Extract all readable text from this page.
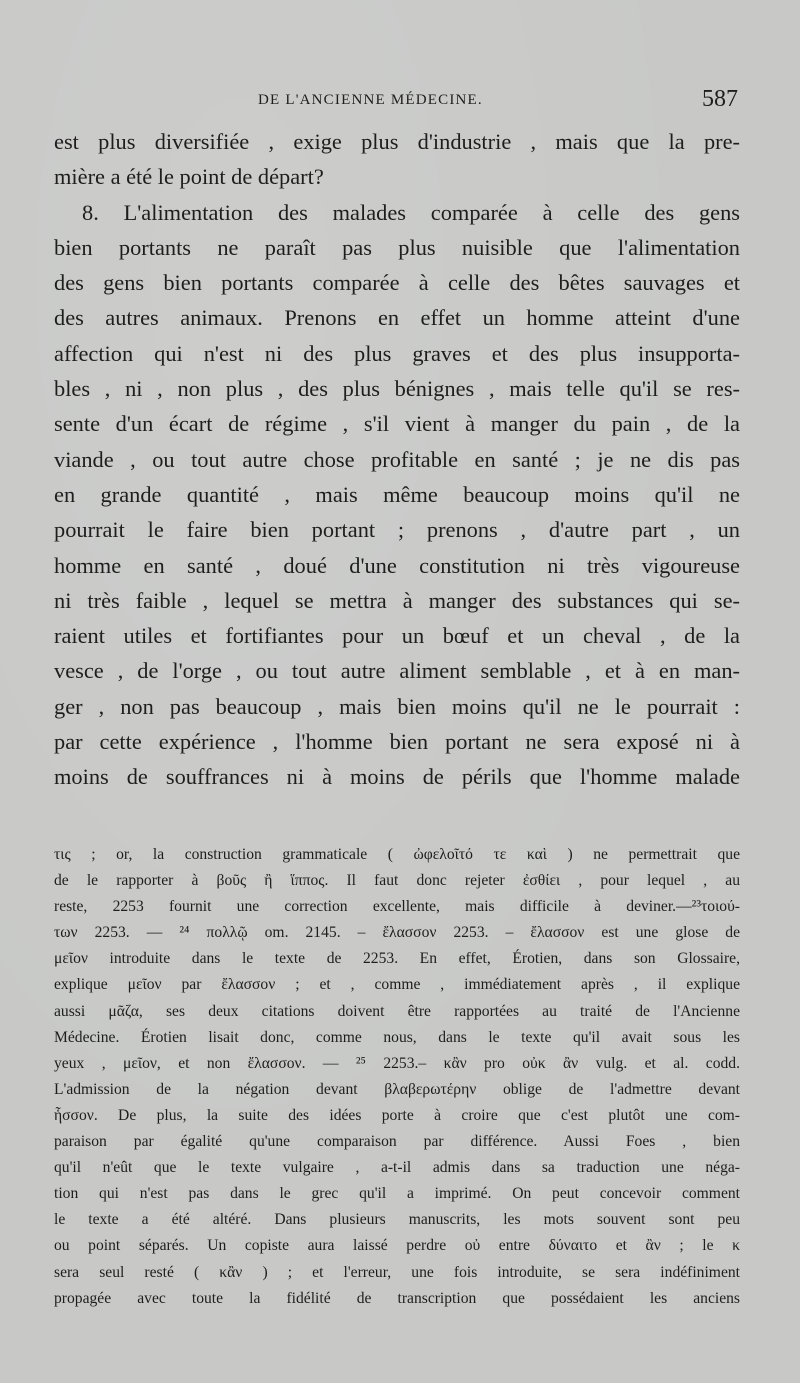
DE L'ANCIENNE MÉDECINE.	587
est plus diversifiée , exige plus d'industrie , mais que la pre-
mière a été le point de départ?
8. L'alimentation des malades comparée à celle des gens
bien portants ne paraît pas plus nuisible que l'alimentation
des gens bien portants comparée à celle des bêtes sauvages et
des autres animaux. Prenons en effet un homme atteint d'une
affection qui n'est ni des plus graves et des plus insupporta-
bles , ni , non plus , des plus bénignes , mais telle qu'il se res-
sente d'un écart de régime , s'il vient à manger du pain , de la
viande , ou tout autre chose profitable en santé ; je ne dis pas
en grande quantité , mais même beaucoup moins qu'il ne
pourrait le faire bien portant ; prenons , d'autre part , un
homme en santé , doué d'une constitution ni très vigoureuse
ni très faible , lequel se mettra à manger des substances qui se-
raient utiles et fortifiantes pour un bœuf et un cheval , de la
vesce , de l'orge , ou tout autre aliment semblable , et à en man-
ger , non pas beaucoup , mais bien moins qu'il ne le pourrait :
par cette expérience , l'homme bien portant ne sera exposé ni à
moins de souffrances ni à moins de périls que l'homme malade
τις ; or, la construction grammaticale ( ὠφελοῖτό τε καὶ ) ne permettrait que
de le rapporter à βοῦς ἢ ἵππος. Il faut donc rejeter ἐσθίει , pour lequel , au
reste, 2253 fournit une correction excellente, mais difficile à deviner.—²³τοιού-
των 2253. — ²⁴ πολλῷ om. 2145. – ἔλασσον 2253. – ἔλασσον est une glose de
μεῖον introduite dans le texte de 2253. En effet, Érotien, dans son Glossaire,
explique μεῖον par ἔλασσον ; et , comme , immédiatement après , il explique
aussi μᾶζα, ses deux citations doivent être rapportées au traité de l'Ancienne
Médecine. Érotien lisait donc, comme nous, dans le texte qu'il avait sous les
yeux , μεῖον, et non ἔλασσον. — ²⁵ 2253.– κἂν pro οὐκ ἂν vulg. et al. codd.
L'admission de la négation devant βλαβερωτέρην oblige de l'admettre devant
ἧσσον. De plus, la suite des idées porte à croire que c'est plutôt une com-
paraison par égalité qu'une comparaison par différence. Aussi Foes , bien
qu'il n'eût que le texte vulgaire , a-t-il admis dans sa traduction une néga-
tion qui n'est pas dans le grec qu'il a imprimé. On peut concevoir comment
le texte a été altéré. Dans plusieurs manuscrits, les mots souvent sont peu
ou point séparés. Un copiste aura laissé perdre οὐ entre δύναιτο et ἂν ; le κ
sera seul resté ( κἂν ) ; et l'erreur, une fois introduite, se sera indéfiniment
propagée avec toute la fidélité de transcription que possédaient les anciens
